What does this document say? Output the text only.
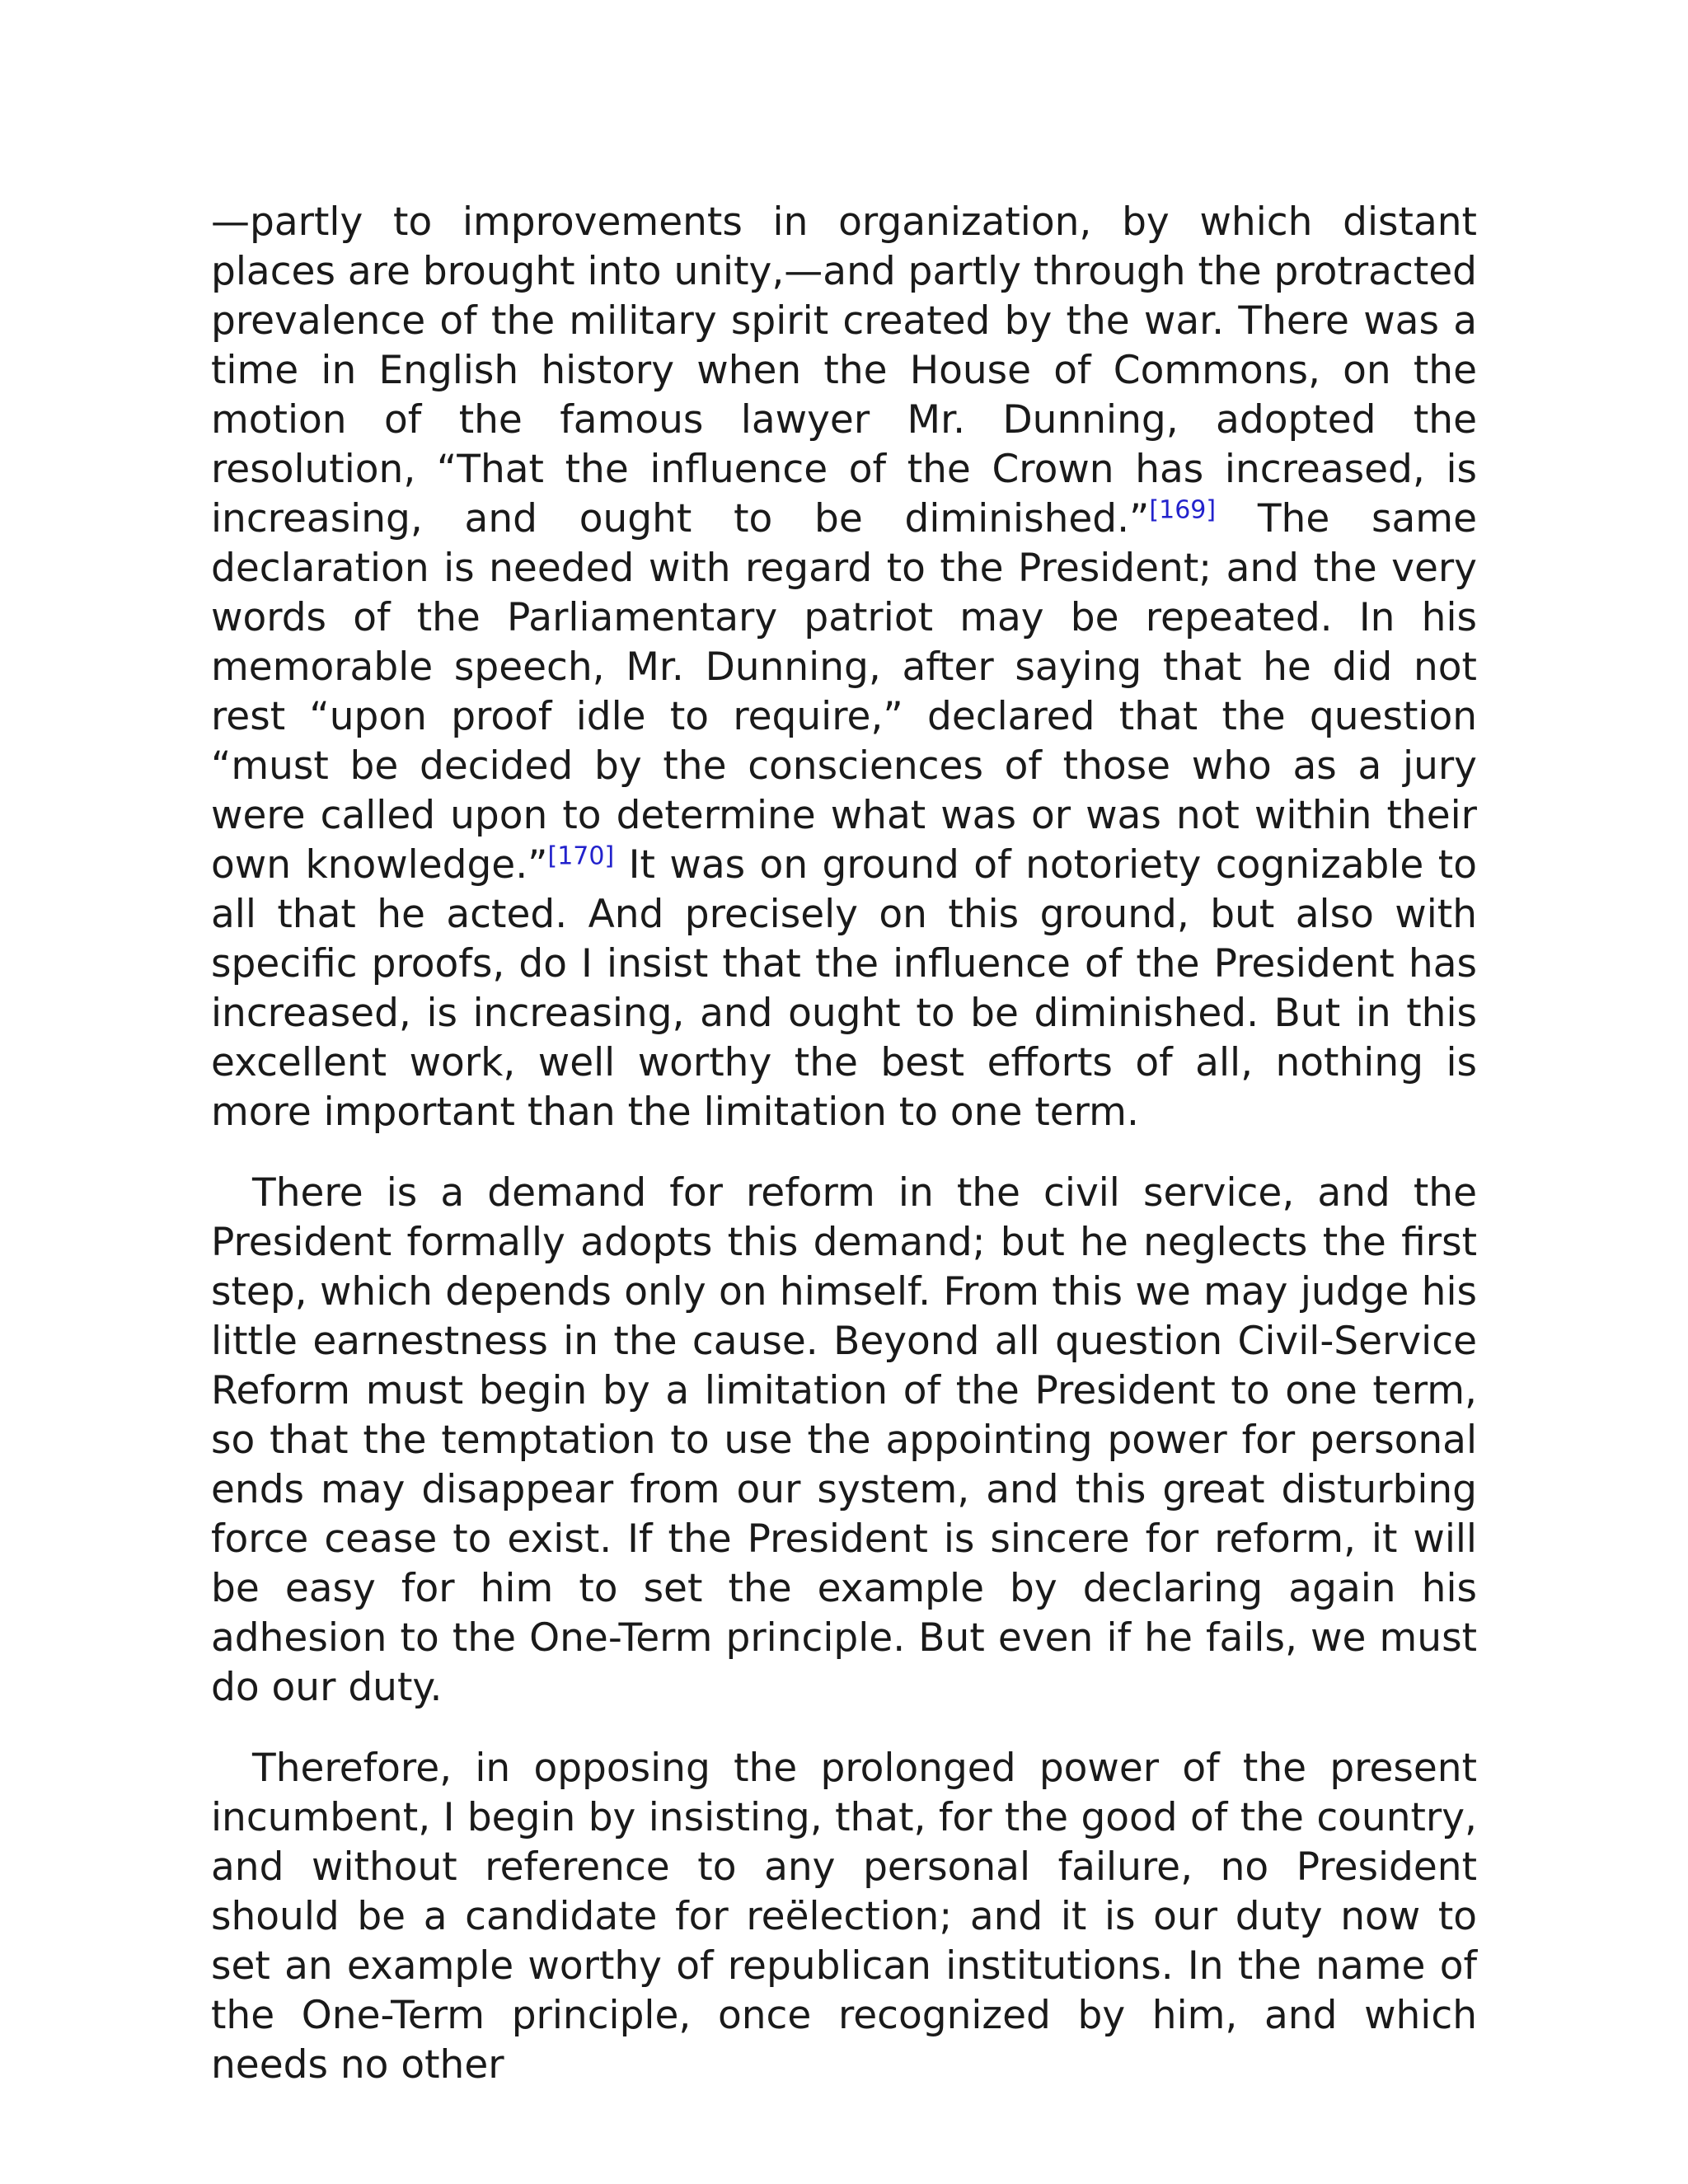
—partly to improvements in organization, by which distant places are brought into unity,—and partly through the protracted prevalence of the military spirit created by the war. There was a time in English history when the House of Commons, on the motion of the famous lawyer Mr. Dunning, adopted the resolution, “That the influence of the Crown has increased, is increasing, and ought to be diminished.”[169] The same declaration is needed with regard to the President; and the very words of the Parliamentary patriot may be repeated. In his memorable speech, Mr. Dunning, after saying that he did not rest “upon proof idle to require,” declared that the question “must be decided by the consciences of those who as a jury were called upon to determine what was or was not within their own knowledge.”[170] It was on ground of notoriety cognizable to all that he acted. And precisely on this ground, but also with specific proofs, do I insist that the influence of the President has increased, is increasing, and ought to be diminished. But in this excellent work, well worthy the best efforts of all, nothing is more important than the limitation to one term.

There is a demand for reform in the civil service, and the President formally adopts this demand; but he neglects the first step, which depends only on himself. From this we may judge his little earnestness in the cause. Beyond all question Civil-Service Reform must begin by a limitation of the President to one term, so that the temptation to use the appointing power for personal ends may disappear from our system, and this great disturbing force cease to exist. If the President is sincere for reform, it will be easy for him to set the example by declaring again his adhesion to the One-Term principle. But even if he fails, we must do our duty.

Therefore, in opposing the prolonged power of the present incumbent, I begin by insisting, that, for the good of the country, and without reference to any personal failure, no President should be a candidate for reëlection; and it is our duty now to set an example worthy of republican institutions. In the name of the One-Term principle, once recognized by him, and which needs no other
